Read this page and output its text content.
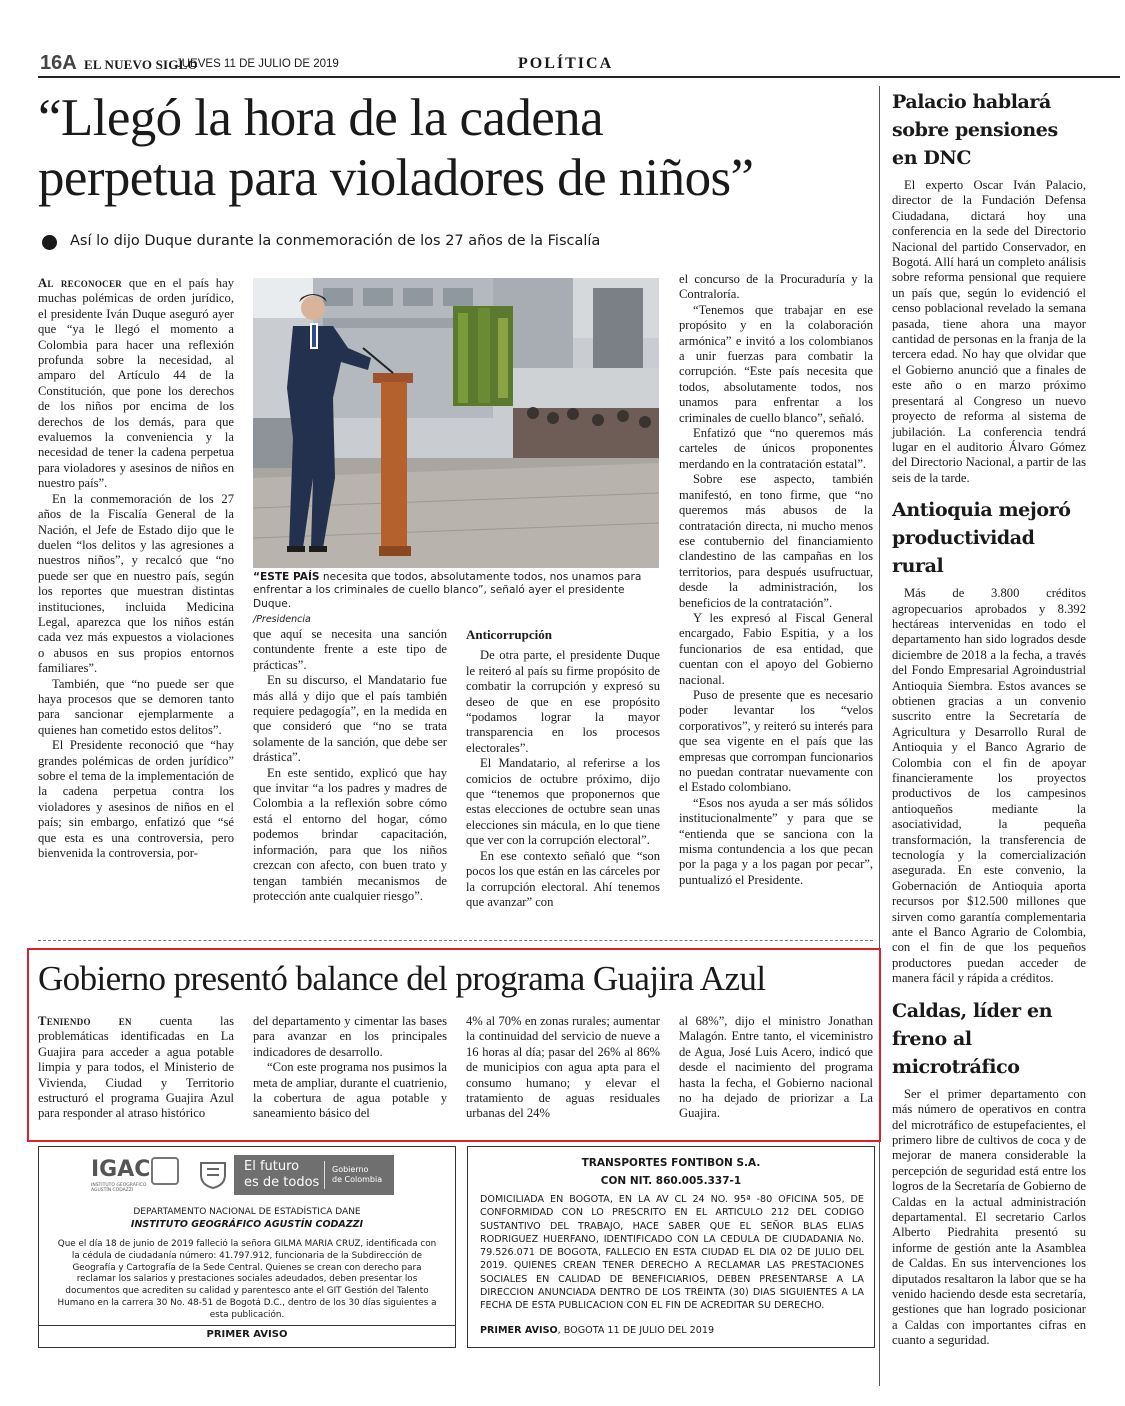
16A EL NUEVO SIGLO
JUEVES 11 DE JULIO DE 2019	POLÍTICA
“Llegó la hora de la cadena
perpetua para violadores de niños”
Así lo dijo Duque durante la conmemoración de los 27 años de la Fiscalía

Al reconocer que en el país hay muchas polémicas de orden jurídico, el presidente Iván Duque aseguró ayer que “ya le llegó el momento a Colombia para hacer una reflexión profunda sobre la necesidad, al amparo del Artículo 44 de la Constitución, que pone los derechos de los niños por encima de los derechos de los demás, para que evaluemos la conveniencia y la necesidad de tener la cadena perpetua para violadores y asesinos de niños en nuestro país”.

En la conmemoración de los 27 años de la Fiscalía General de la Nación, el Jefe de Estado dijo que le duelen “los delitos y las agresiones a nuestros niños”, y recalcó que “no puede ser que en nuestro país, según los reportes que muestran distintas instituciones, incluida Medicina Legal, aparezca que los niños están cada vez más expuestos a violaciones o abusos en sus propios entornos familiares”.

También, que “no puede ser que haya procesos que se demoren tanto para sancionar ejemplarmente a quienes han cometido estos delitos”.

El Presidente reconoció que “hay grandes polémicas de orden jurídico” sobre el tema de la implementación de la cadena perpetua contra los violadores y asesinos de niños en el país; sin embargo, enfatizó que “sé que esta es una controversia, pero bienvenida la controversia, por-

“ESTE PAÍS necesita que todos, absolutamente todos, nos unamos para enfrentar a los criminales de cuello blanco”, señaló ayer el presidente Duque.
/Presidencia

que aquí se necesita una sanción contundente frente a este tipo de prácticas”.

En su discurso, el Mandatario fue más allá y dijo que el país también requiere pedagogía”, en la medida en que consideró que “no se trata solamente de la sanción, que debe ser drástica”.

En este sentido, explicó que hay que invitar “a los padres y madres de Colombia a la reflexión sobre cómo está el entorno del hogar, cómo podemos brindar capacitación, información, para que los niños crezcan con afecto, con buen trato y tengan también mecanismos de protección ante cualquier riesgo”.

Anticorrupción

De otra parte, el presidente Duque le reiteró al país su firme propósito de combatir la corrupción y expresó su deseo de que en ese propósito “podamos lograr la mayor transparencia en los procesos electorales”.

El Mandatario, al referirse a los comicios de octubre próximo, dijo que “tenemos que proponernos que estas elecciones de octubre sean unas elecciones sin mácula, en lo que tiene que ver con la corrupción electoral”.

En ese contexto señaló que “son pocos los que están en las cárceles por la corrupción electoral. Ahí tenemos que avanzar” con

el concurso de la Procuraduría y la Contraloría.

“Tenemos que trabajar en ese propósito y en la colaboración armónica” e invitó a los colombianos a unir fuerzas para combatir la corrupción. “Este país necesita que todos, absolutamente todos, nos unamos para enfrentar a los criminales de cuello blanco”, señaló.

Enfatizó que “no queremos más carteles de únicos proponentes merdando en la contratación estatal”.

Sobre ese aspecto, también manifestó, en tono firme, que “no queremos más abusos de la contratación directa, ni mucho menos ese contubernio del financiamiento clandestino de las campañas en los territorios, para después usufructuar, desde la administración, los beneficios de la contratación”.

Y les expresó al Fiscal General encargado, Fabio Espitia, y a los funcionarios de esa entidad, que cuentan con el apoyo del Gobierno nacional.

Puso de presente que es necesario poder levantar los “velos corporativos”, y reiteró su interés para que sea vigente en el país que las empresas que corrompan funcionarios no puedan contratar nuevamente con el Estado colombiano.

“Esos nos ayuda a ser más sólidos institucionalmente” y para que se “entienda que se sanciona con la misma contundencia a los que pecan por la paga y a los pagan por pecar”, puntualizó el Presidente.

Gobierno presentó balance del programa Guajira Azul

Teniendo en cuenta las problemáticas identificadas en La Guajira para acceder a agua potable limpia y para todos, el Ministerio de Vivienda, Ciudad y Territorio estructuró el programa Guajira Azul para responder al atraso histórico

del departamento y cimentar las bases para avanzar en los principales indicadores de desarrollo.

“Con este programa nos pusimos la meta de ampliar, durante el cuatrienio, la cobertura de agua potable y saneamiento básico del

4% al 70% en zonas rurales; aumentar la continuidad del servicio de nueve a 16 horas al día; pasar del 26% al 86% de municipios con agua apta para el consumo humano; y elevar el tratamiento de aguas residuales urbanas del 24%

al 68%”, dijo el ministro Jonathan Malagón. Entre tanto, el viceministro de Agua, José Luis Acero, indicó que desde el nacimiento del programa hasta la fecha, el Gobierno nacional no ha dejado de priorizar a La Guajira.

IGAC
INSTITUTO GEOGRÁFICO AGUSTÍN CODAZZI
El futuro
es de todos
Gobierno
de Colombia
DEPARTAMENTO NACIONAL DE ESTADÍSTICA DANE
INSTITUTO GEOGRÁFICO AGUSTÍN CODAZZI
Que el día 18 de junio de 2019 falleció la señora GILMA MARIA CRUZ, identificada con la cédula de ciudadanía número: 41.797.912, funcionaria de la Subdirección de Geografía y Cartografía de la Sede Central. Quienes se crean con derecho para reclamar los salarios y prestaciones sociales adeudados, deben presentar los documentos que acrediten su calidad y parentesco ante el GIT Gestión del Talento Humano en la carrera 30 No. 48-51 de Bogotá D.C., dentro de los 30 días siguientes a esta publicación.
PRIMER AVISO
TRANSPORTES FONTIBON S.A.
CON NIT. 860.005.337-1
DOMICILIADA EN BOGOTA, EN LA AV CL 24 NO. 95ª -80 OFICINA 505, DE CONFORMIDAD CON LO PRESCRITO EN EL ARTICULO 212 DEL CODIGO SUSTANTIVO DEL TRABAJO, HACE SABER QUE EL SEÑOR BLAS ELIAS RODRIGUEZ HUERFANO, IDENTIFICADO CON LA CEDULA DE CIUDADANIA No. 79.526.071 DE BOGOTA, FALLECIO EN ESTA CIUDAD EL DIA 02 DE JULIO DEL 2019. QUIENES CREAN TENER DERECHO A RECLAMAR LAS PRESTACIONES SOCIALES EN CALIDAD DE BENEFICIARIOS, DEBEN PRESENTARSE A LA DIRECCION ANUNCIADA DENTRO DE LOS TREINTA (30) DIAS SIGUIENTES A LA FECHA DE ESTA PUBLICACION CON EL FIN DE ACREDITAR SU DERECHO.
PRIMER AVISO, BOGOTA 11 DE JULIO DEL 2019
Palacio hablará sobre pensiones en DNC

El experto Oscar Iván Palacio, director de la Fundación Defensa Ciudadana, dictará hoy una conferencia en la sede del Directorio Nacional del partido Conservador, en Bogotá. Allí hará un completo análisis sobre reforma pensional que requiere un país que, según lo evidenció el censo poblacional revelado la semana pasada, tiene ahora una mayor cantidad de personas en la franja de la tercera edad. No hay que olvidar que el Gobierno anunció que a finales de este año o en marzo próximo presentará al Congreso un nuevo proyecto de reforma al sistema de jubilación. La conferencia tendrá lugar en el auditorio Álvaro Gómez del Directorio Nacional, a partir de las seis de la tarde.

Antioquia mejoró productividad rural

Más de 3.800 créditos agropecuarios aprobados y 8.392 hectáreas intervenidas en todo el departamento han sido logrados desde diciembre de 2018 a la fecha, a través del Fondo Empresarial Agroindustrial Antioquia Siembra. Estos avances se obtienen gracias a un convenio suscrito entre la Secretaría de Agricultura y Desarrollo Rural de Antioquia y el Banco Agrario de Colombia con el fin de apoyar financieramente los proyectos productivos de los campesinos antioqueños mediante la asociatividad, la pequeña transformación, la transferencia de tecnología y la comercialización asegurada. En este convenio, la Gobernación de Antioquia aporta recursos por $12.500 millones que sirven como garantía complementaria ante el Banco Agrario de Colombia, con el fin de que los pequeños productores puedan acceder de manera fácil y rápida a créditos.

Caldas, líder en freno al microtráfico

Ser el primer departamento con más número de operativos en contra del microtráfico de estupefacientes, el primero libre de cultivos de coca y de mejorar de manera considerable la percepción de seguridad está entre los logros de la Secretaría de Gobierno de Caldas en la actual administración departamental. El secretario Carlos Alberto Piedrahita presentó su informe de gestión ante la Asamblea de Caldas. En sus intervenciones los diputados resaltaron la labor que se ha venido haciendo desde esta secretaría, gestiones que han logrado posicionar a Caldas con importantes cifras en cuanto a seguridad.
